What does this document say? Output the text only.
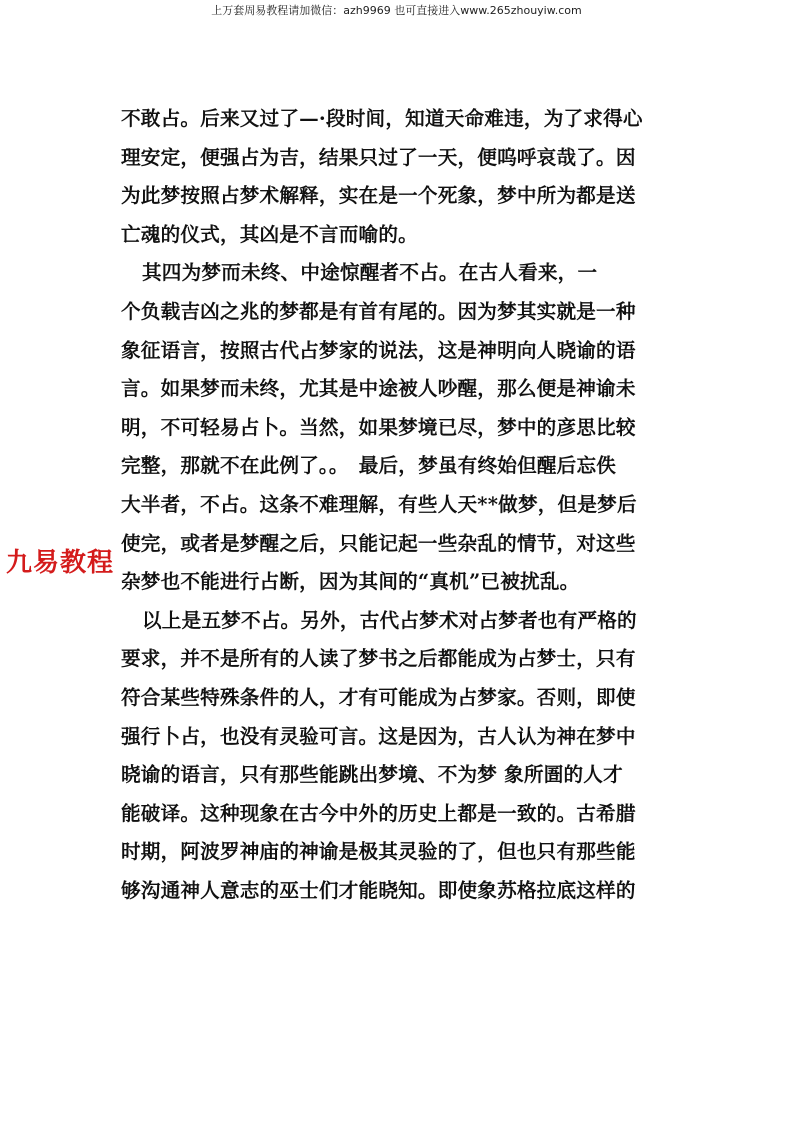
上万套周易教程请加微信：azh9969 也可直接进入www.265zhouyiw.com
九易教程
不敢占。后来又过了—·段时间，知道天命难违，为了求得心
理安定，便强占为吉，结果只过了一天，便呜呼哀哉了。因
为此梦按照占梦术解释，实在是一个死象，梦中所为都是送
亡魂的仪式，其凶是不言而喻的。
其四为梦而未终、中途惊醒者不占。在古人看来，一
个负载吉凶之兆的梦都是有首有尾的。因为梦其实就是一种
象征语言，按照古代占梦家的说法，这是神明向人晓谕的语
言。如果梦而未终，尤其是中途被人吵醒，那么便是神谕未
明，不可轻易占卜。当然，如果梦境已尽，梦中的彦思比较
完整，那就不在此例了。。　最后，梦虽有终始但醒后忘佚
大半者，不占。这条不难理解，有些人天**做梦，但是梦后
使完，或者是梦醒之后，只能记起一些杂乱的情节，对这些
杂梦也不能进行占断，因为其间的“真机”已被扰乱。
以上是五梦不占。另外，古代占梦术对占梦者也有严格的
要求，并不是所有的人读了梦书之后都能成为占梦士，只有
符合某些特殊条件的人，才有可能成为占梦家。否则，即使
强行卜占，也没有灵验可言。这是因为，古人认为神在梦中
晓谕的语言，只有那些能跳出梦境、不为梦 象所圄的人才
能破译。这种现象在古今中外的历史上都是一致的。古希腊
时期，阿波罗神庙的神谕是极其灵验的了，但也只有那些能
够沟通神人意志的巫士们才能晓知。即使象苏格拉底这样的
